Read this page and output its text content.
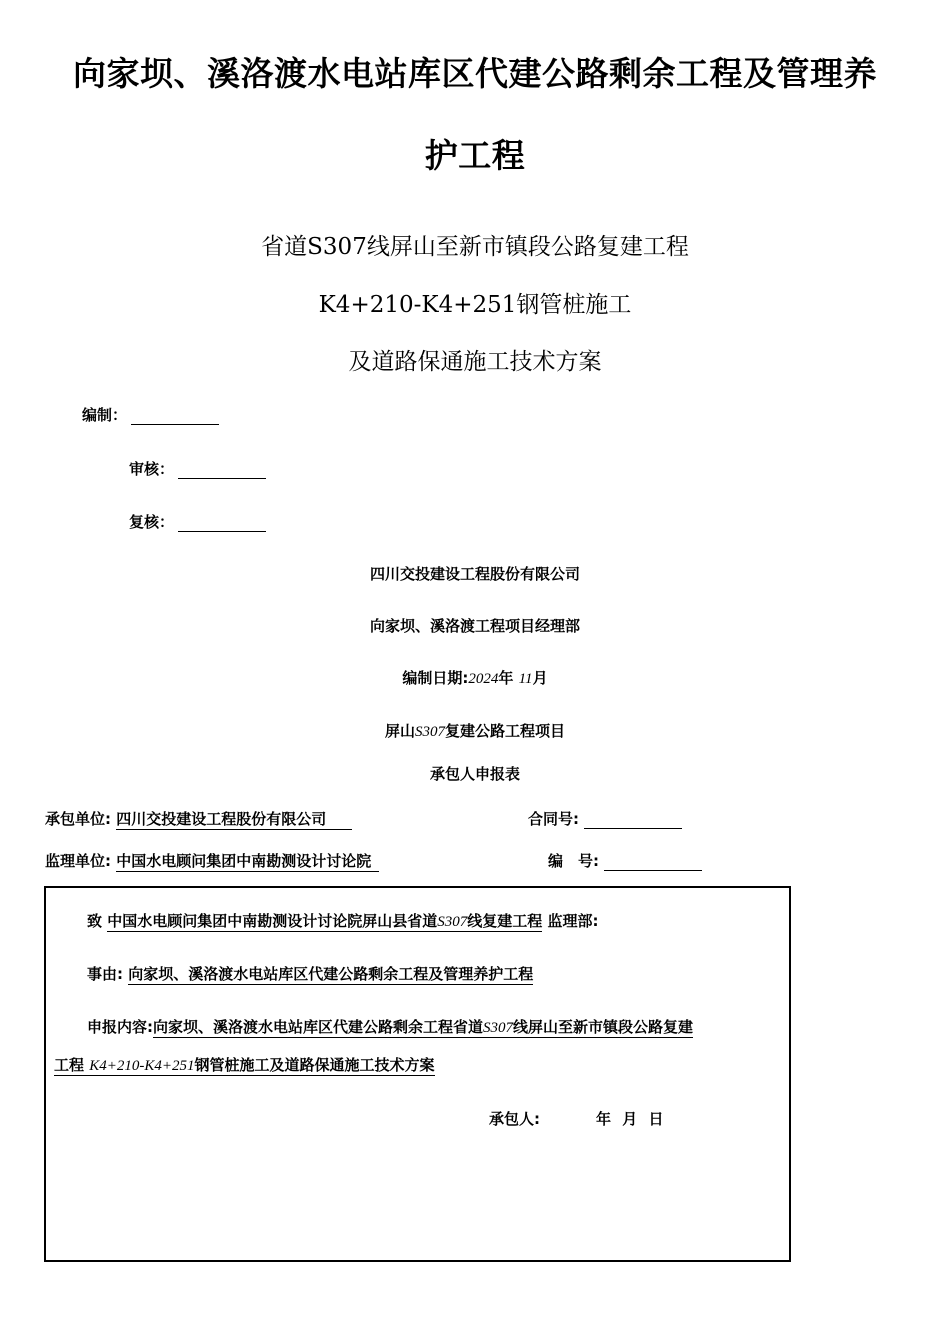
向家坝、溪洛渡水电站库区代建公路剩余工程及管理养
护工程
省道S307线屏山至新市镇段公路复建工程
K4+210-K4+251钢管桩施工
及道路保通施工技术方案
编制：
审核：
复核：
四川交投建设工程股份有限公司
向家坝、溪洛渡工程项目经理部
编制日期:2024年 11月
屏山S307复建公路工程项目
承包人申报表
承包单位: 四川交投建设工程股份有限公司	合同号:
监理单位: 中国水电顾问集团中南勘测设计讨论院	编　号:
致 中国水电顾问集团中南勘测设计讨论院屏山县省道S307线复建工程 监理部:
事由: 向家坝、溪洛渡水电站库区代建公路剩余工程及管理养护工程
申报内容:向家坝、溪洛渡水电站库区代建公路剩余工程省道S307线屏山至新市镇段公路复建
工程 K4+210-K4+251钢管桩施工及道路保通施工技术方案
承包人:	年 月 日
